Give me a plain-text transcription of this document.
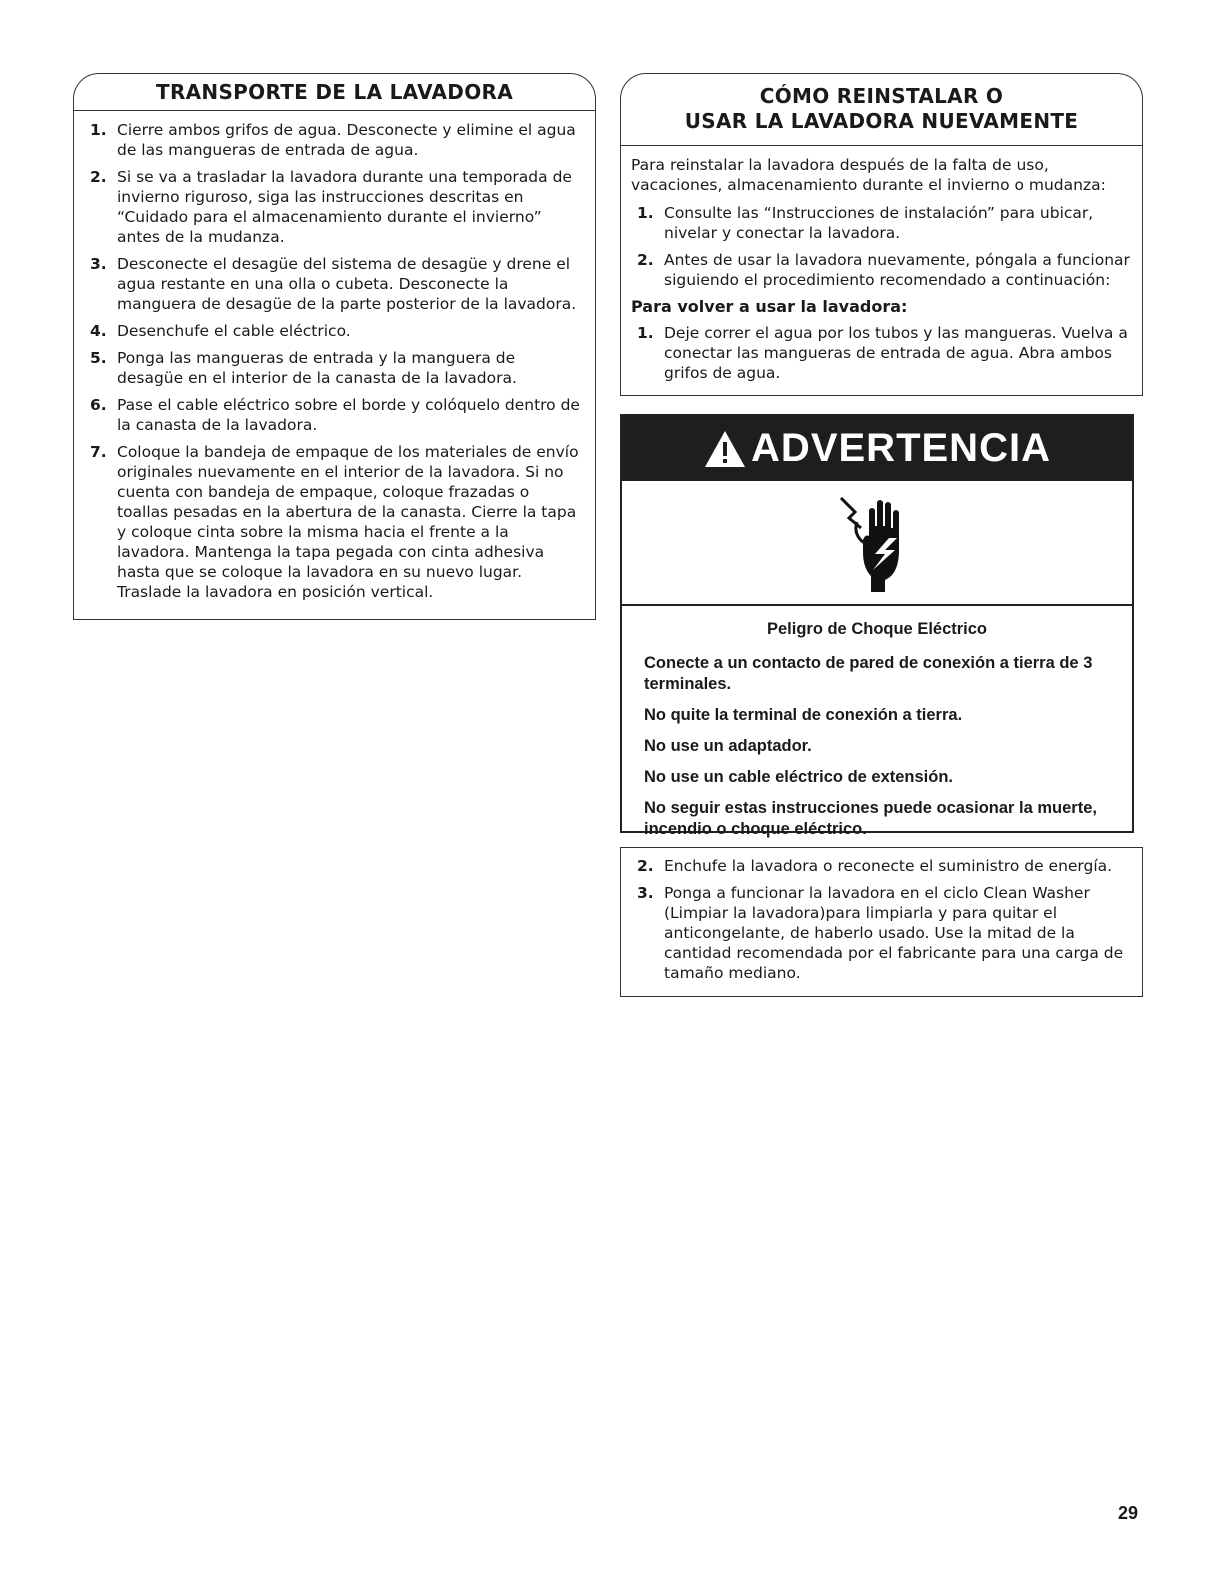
TRANSPORTE DE LA LAVADORA
1. Cierre ambos grifos de agua. Desconecte y elimine el agua de las mangueras de entrada de agua.
2. Si se va a trasladar la lavadora durante una temporada de invierno riguroso, siga las instrucciones descritas en “Cuidado para el almacenamiento durante el invierno” antes de la mudanza.
3. Desconecte el desagüe del sistema de desagüe y drene el agua restante en una olla o cubeta. Desconecte la manguera de desagüe de la parte posterior de la lavadora.
4. Desenchufe el cable eléctrico.
5. Ponga las mangueras de entrada y la manguera de desagüe en el interior de la canasta de la lavadora.
6. Pase el cable eléctrico sobre el borde y colóquelo dentro de la canasta de la lavadora.
7. Coloque la bandeja de empaque de los materiales de envío originales nuevamente en el interior de la lavadora. Si no cuenta con bandeja de empaque, coloque frazadas o toallas pesadas en la abertura de la canasta. Cierre la tapa y coloque cinta sobre la misma hacia el frente a la lavadora. Mantenga la tapa pegada con cinta adhesiva hasta que se coloque la lavadora en su nuevo lugar. Traslade la lavadora en posición vertical.
CÓMO REINSTALAR O
USAR LA LAVADORA NUEVAMENTE
Para reinstalar la lavadora después de la falta de uso, vacaciones, almacenamiento durante el invierno o mudanza:
1. Consulte las “Instrucciones de instalación” para ubicar, nivelar y conectar la lavadora.
2. Antes de usar la lavadora nuevamente, póngala a funcionar siguiendo el procedimiento recomendado a continuación:
Para volver a usar la lavadora:
1. Deje correr el agua por los tubos y las mangueras. Vuelva a conectar las mangueras de entrada de agua. Abra ambos grifos de agua.
ADVERTENCIA
Peligro de Choque Eléctrico

Conecte a un contacto de pared de conexión a tierra de 3 terminales.

No quite la terminal de conexión a tierra.

No use un adaptador.

No use un cable eléctrico de extensión.

No seguir estas instrucciones puede ocasionar la muerte, incendio o choque eléctrico.

2. Enchufe la lavadora o reconecte el suministro de energía.
3. Ponga a funcionar la lavadora en el ciclo Clean Washer (Limpiar la lavadora)para limpiarla y para quitar el anticongelante, de haberlo usado. Use la mitad de la cantidad recomendada por el fabricante para una carga de tamaño mediano.
29
